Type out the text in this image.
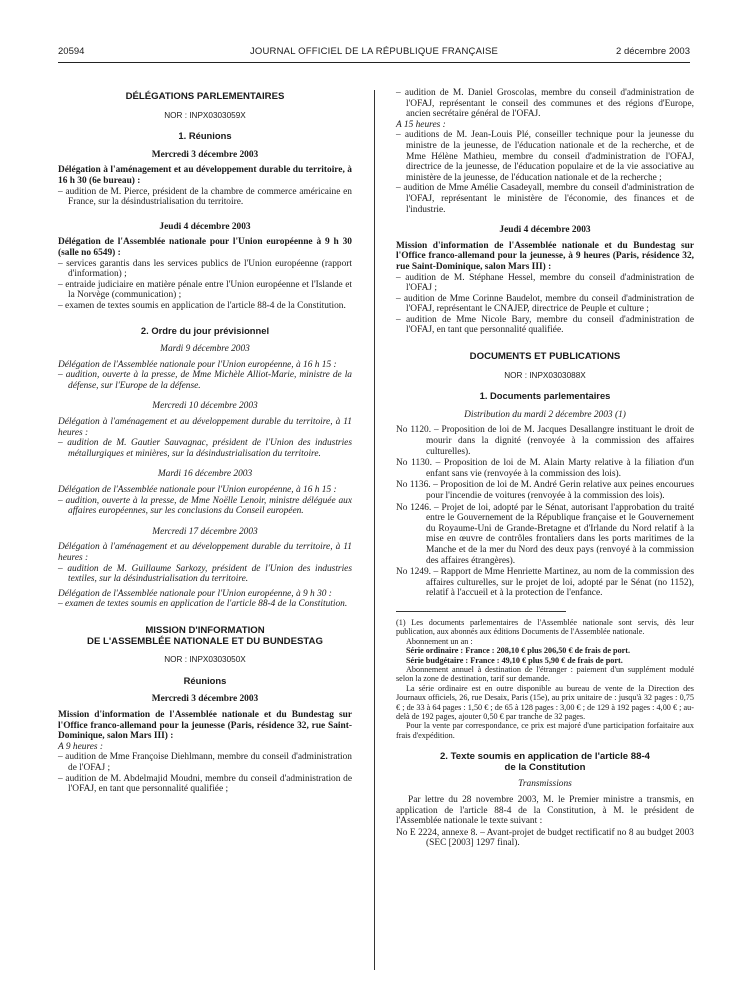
20594	JOURNAL OFFICIEL DE LA RÉPUBLIQUE FRANÇAISE	2 décembre 2003

DÉLÉGATIONS PARLEMENTAIRES

NOR : INPX0303059X

1. Réunions

Mercredi 3 décembre 2003

Délégation à l'aménagement et au développement durable du territoire, à 16 h 30 (6e bureau) :

– audition de M. Pierce, président de la chambre de commerce américaine en France, sur la désindustrialisation du territoire.

Jeudi 4 décembre 2003

Délégation de l'Assemblée nationale pour l'Union européenne à 9 h 30 (salle no 6549) :

– services garantis dans les services publics de l'Union européenne (rapport d'information) ;

– entraide judiciaire en matière pénale entre l'Union européenne et l'Islande et la Norvège (communication) ;

– examen de textes soumis en application de l'article 88-4 de la Constitution.

2. Ordre du jour prévisionnel

Mardi 9 décembre 2003

Délégation de l'Assemblée nationale pour l'Union européenne, à 16 h 15 :

– audition, ouverte à la presse, de Mme Michèle Alliot-Marie, ministre de la défense, sur l'Europe de la défense.

Mercredi 10 décembre 2003

Délégation à l'aménagement et au développement durable du territoire, à 11 heures :

– audition de M. Gautier Sauvagnac, président de l'Union des industries métallurgiques et minières, sur la désindustrialisation du territoire.

Mardi 16 décembre 2003

Délégation de l'Assemblée nationale pour l'Union européenne, à 16 h 15 :

– audition, ouverte à la presse, de Mme Noëlle Lenoir, ministre déléguée aux affaires européennes, sur les conclusions du Conseil européen.

Mercredi 17 décembre 2003

Délégation à l'aménagement et au développement durable du territoire, à 11 heures :

– audition de M. Guillaume Sarkozy, président de l'Union des industries textiles, sur la désindustrialisation du territoire.

Délégation de l'Assemblée nationale pour l'Union européenne, à 9 h 30 :

– examen de textes soumis en application de l'article 88-4 de la Constitution.

MISSION D'INFORMATION

DE L'ASSEMBLÉE NATIONALE ET DU BUNDESTAG

NOR : INPX0303050X

Réunions

Mercredi 3 décembre 2003

Mission d'information de l'Assemblée nationale et du Bundestag sur l'Office franco-allemand pour la jeunesse (Paris, résidence 32, rue Saint-Dominique, salon Mars III) :

A 9 heures :

– audition de Mme Françoise Diehlmann, membre du conseil d'administration de l'OFAJ ;

– audition de M. Abdelmajid Moudni, membre du conseil d'administration de l'OFAJ, en tant que personnalité qualifiée ;

– audition de M. Daniel Groscolas, membre du conseil d'administration de l'OFAJ, représentant le conseil des communes et des régions d'Europe, ancien secrétaire général de l'OFAJ.

A 15 heures :

– auditions de M. Jean-Louis Plé, conseiller technique pour la jeunesse du ministre de la jeunesse, de l'éducation nationale et de la recherche, et de Mme Hélène Mathieu, membre du conseil d'administration de l'OFAJ, directrice de la jeunesse, de l'éducation populaire et de la vie associative au ministère de la jeunesse, de l'éducation nationale et de la recherche ;

– audition de Mme Amélie Casadeyall, membre du conseil d'administration de l'OFAJ, représentant le ministère de l'économie, des finances et de l'industrie.

Jeudi 4 décembre 2003

Mission d'information de l'Assemblée nationale et du Bundestag sur l'Office franco-allemand pour la jeunesse, à 9 heures (Paris, résidence 32, rue Saint-Dominique, salon Mars III) :

– audition de M. Stéphane Hessel, membre du conseil d'administration de l'OFAJ ;

– audition de Mme Corinne Baudelot, membre du conseil d'administration de l'OFAJ, représentant le CNAJEP, directrice de Peuple et culture ;

– audition de Mme Nicole Bary, membre du conseil d'administration de l'OFAJ, en tant que personnalité qualifiée.

DOCUMENTS ET PUBLICATIONS

NOR : INPX0303088X

1. Documents parlementaires

Distribution du mardi 2 décembre 2003 (1)

No 1120. – Proposition de loi de M. Jacques Desallangre instituant le droit de mourir dans la dignité (renvoyée à la commission des affaires culturelles).

No 1130. – Proposition de loi de M. Alain Marty relative à la filiation d'un enfant sans vie (renvoyée à la commission des lois).

No 1136. – Proposition de loi de M. André Gerin relative aux peines encourues pour l'incendie de voitures (renvoyée à la commission des lois).

No 1246. – Projet de loi, adopté par le Sénat, autorisant l'approbation du traité entre le Gouvernement de la République française et le Gouvernement du Royaume-Uni de Grande-Bretagne et d'Irlande du Nord relatif à la mise en œuvre de contrôles frontaliers dans les ports maritimes de la Manche et de la mer du Nord des deux pays (renvoyé à la commission des affaires étrangères).

No 1249. – Rapport de Mme Henriette Martinez, au nom de la commission des affaires culturelles, sur le projet de loi, adopté par le Sénat (no 1152), relatif à l'accueil et à la protection de l'enfance.

(1) Les documents parlementaires de l'Assemblée nationale sont servis, dès leur publication, aux abonnés aux éditions Documents de l'Assemblée nationale.

Abonnement un an :

Série ordinaire : France : 208,10 € plus 206,50 € de frais de port.

Série budgétaire : France : 49,10 € plus 5,90 € de frais de port.

Abonnement annuel à destination de l'étranger : paiement d'un supplément modulé selon la zone de destination, tarif sur demande.

La série ordinaire est en outre disponible au bureau de vente de la Direction des Journaux officiels, 26, rue Desaix, Paris (15e), au prix unitaire de : jusqu'à 32 pages : 0,75 € ; de 33 à 64 pages : 1,50 € ; de 65 à 128 pages : 3,00 € ; de 129 à 192 pages : 4,00 € ; au-delà de 192 pages, ajouter 0,50 € par tranche de 32 pages.

Pour la vente par correspondance, ce prix est majoré d'une participation forfaitaire aux frais d'expédition.

2. Texte soumis en application de l'article 88-4

de la Constitution

Transmissions

Par lettre du 28 novembre 2003, M. le Premier ministre a transmis, en application de l'article 88-4 de la Constitution, à M. le président de l'Assemblée nationale le texte suivant :

No E 2224, annexe 8. – Avant-projet de budget rectificatif no 8 au budget 2003 (SEC [2003] 1297 final).
